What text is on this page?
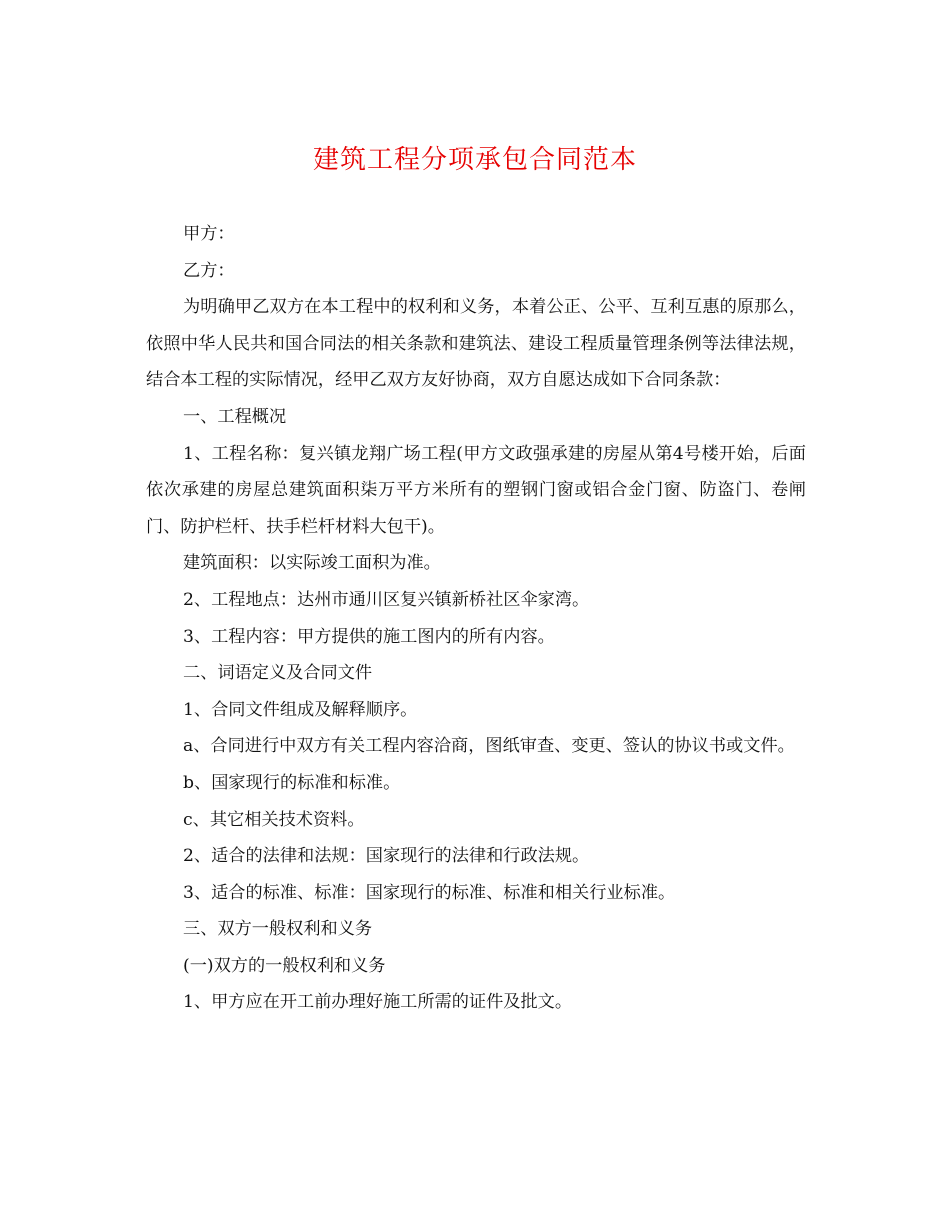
建筑工程分项承包合同范本

甲方：

乙方：

为明确甲乙双方在本工程中的权利和义务，本着公正、公平、互利互惠的原那么，依照中华人民共和国合同法的相关条款和建筑法、建设工程质量管理条例等法律法规，结合本工程的实际情况，经甲乙双方友好协商，双方自愿达成如下合同条款：

一、工程概况

1、工程名称：复兴镇龙翔广场工程(甲方文政强承建的房屋从第4号楼开始，后面依次承建的房屋总建筑面积柒万平方米所有的塑钢门窗或铝合金门窗、防盗门、卷闸门、防护栏杆、扶手栏杆材料大包干)。

建筑面积：以实际竣工面积为准。

2、工程地点：达州市通川区复兴镇新桥社区伞家湾。

3、工程内容：甲方提供的施工图内的所有内容。

二、词语定义及合同文件

1、合同文件组成及解释顺序。

a、合同进行中双方有关工程内容洽商，图纸审查、变更、签认的协议书或文件。

b、国家现行的标准和标准。

c、其它相关技术资料。

2、适合的法律和法规：国家现行的法律和行政法规。

3、适合的标准、标准：国家现行的标准、标准和相关行业标准。

三、双方一般权利和义务

(一)双方的一般权利和义务

1、甲方应在开工前办理好施工所需的证件及批文。
